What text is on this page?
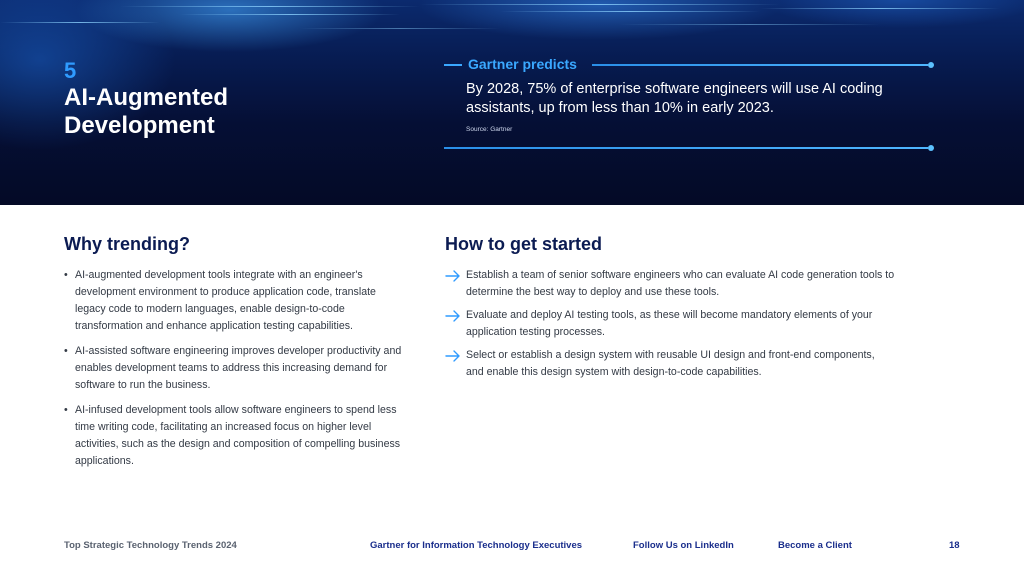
5
AI-Augmented Development
Gartner predicts
By 2028, 75% of enterprise software engineers will use AI coding assistants, up from less than 10% in early 2023.
Source: Gartner
Why trending?
• AI-augmented development tools integrate with an engineer's development environment to produce application code, translate legacy code to modern languages, enable design-to-code transformation and enhance application testing capabilities.
• AI-assisted software engineering improves developer productivity and enables development teams to address this increasing demand for software to run the business.
• AI-infused development tools allow software engineers to spend less time writing code, facilitating an increased focus on higher level activities, such as the design and composition of compelling business applications.
How to get started
Establish a team of senior software engineers who can evaluate AI code generation tools to determine the best way to deploy and use these tools.
Evaluate and deploy AI testing tools, as these will become mandatory elements of your application testing processes.
Select or establish a design system with reusable UI design and front-end components, and enable this design system with design-to-code capabilities.
Top Strategic Technology Trends 2024	Gartner for Information Technology Executives	Follow Us on LinkedIn	Become a Client	18
